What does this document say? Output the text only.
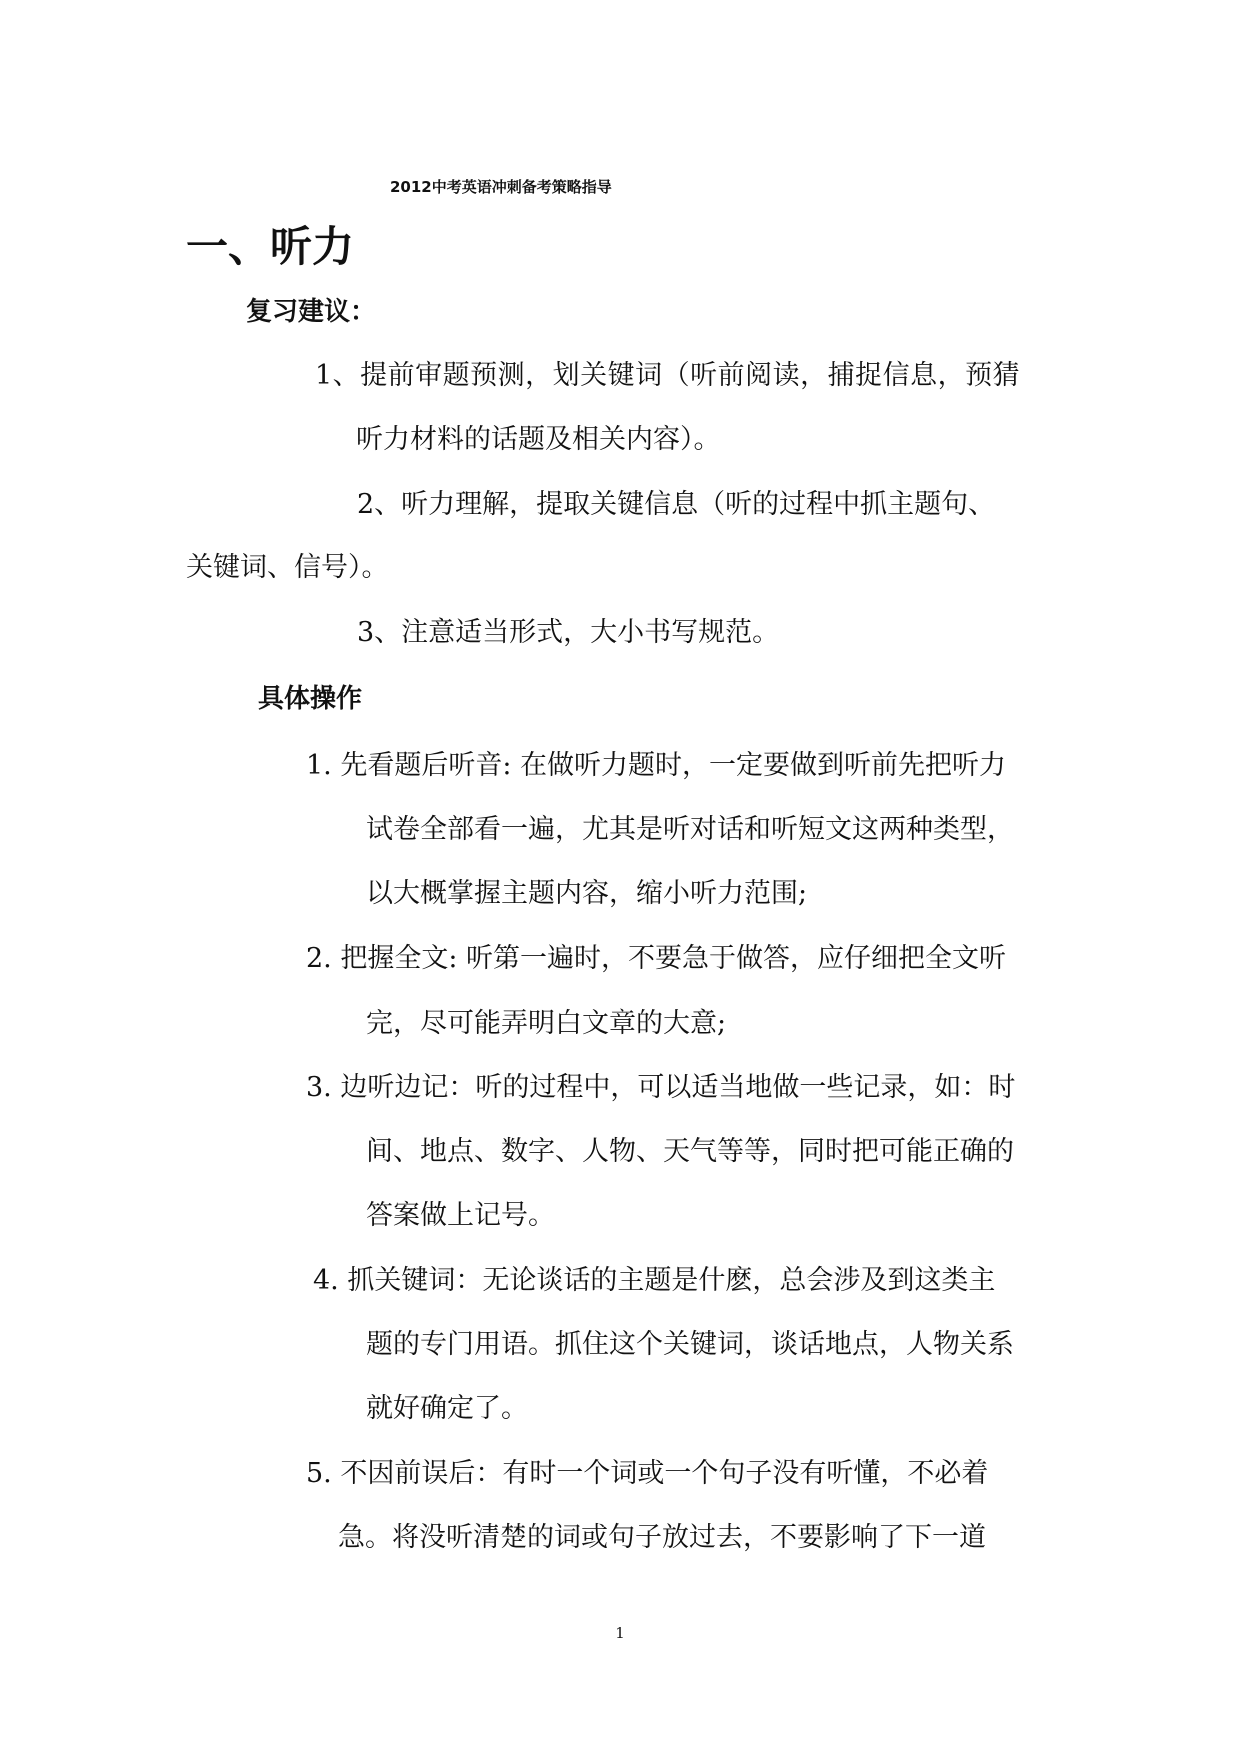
2012中考英语冲刺备考策略指导
一、听力
复习建议：
1、提前审题预测，划关键词（听前阅读，捕捉信息，预猜
听力材料的话题及相关内容）。
2、听力理解，提取关键信息（听的过程中抓主题句、
关键词、信号）。
3、注意适当形式，大小书写规范。
具体操作
1. 先看题后听音: 在做听力题时，一定要做到听前先把听力
试卷全部看一遍，尤其是听对话和听短文这两种类型，
以大概掌握主题内容，缩小听力范围;
2. 把握全文: 听第一遍时，不要急于做答，应仔细把全文听
完，尽可能弄明白文章的大意;
3. 边听边记：听的过程中，可以适当地做一些记录，如：时
间、地点、数字、人物、天气等等，同时把可能正确的
答案做上记号。
4. 抓关键词：无论谈话的主题是什麽，总会涉及到这类主
题的专门用语。抓住这个关键词，谈话地点，人物关系
就好确定了。
5. 不因前误后：有时一个词或一个句子没有听懂，不必着
急。将没听清楚的词或句子放过去，不要影响了下一道
1
